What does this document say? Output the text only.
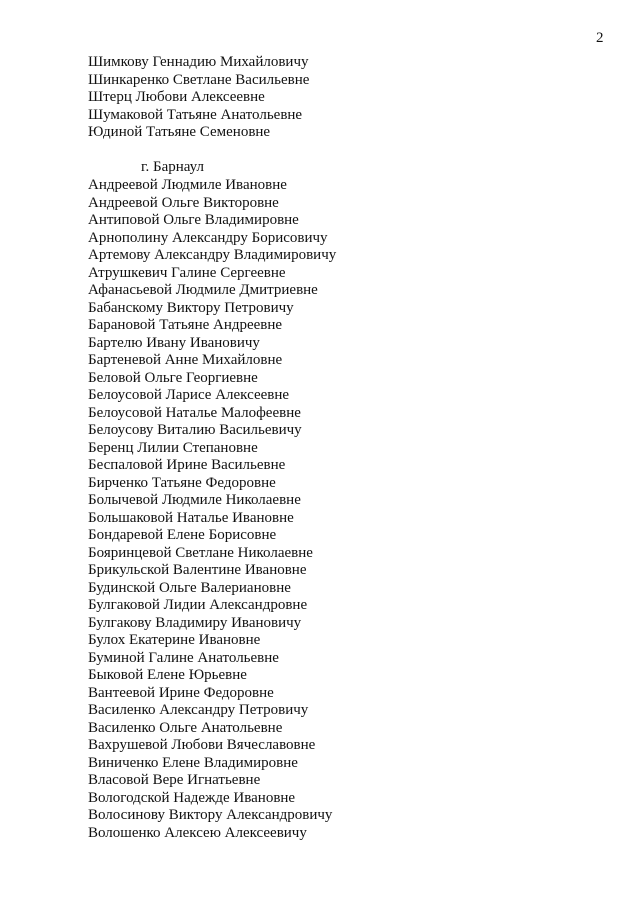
2
Шимкову Геннадию Михайловичу
Шинкаренко Светлане Васильевне
Штерц Любови Алексеевне
Шумаковой Татьяне Анатольевне
Юдиной Татьяне Семеновне
г. Барнаул
Андреевой Людмиле Ивановне
Андреевой Ольге Викторовне
Антиповой Ольге Владимировне
Арнополину Александру Борисовичу
Артемову Александру Владимировичу
Атрушкевич Галине Сергеевне
Афанасьевой Людмиле Дмитриевне
Бабанскому Виктору Петровичу
Барановой Татьяне Андреевне
Бартелю Ивану Ивановичу
Бартеневой Анне Михайловне
Беловой Ольге Георгиевне
Белоусовой Ларисе Алексеевне
Белоусовой Наталье Малофеевне
Белоусову Виталию Васильевичу
Беренц Лилии Степановне
Беспаловой Ирине Васильевне
Бирченко Татьяне Федоровне
Болычевой Людмиле Николаевне
Большаковой Наталье Ивановне
Бондаревой Елене Борисовне
Бояринцевой Светлане Николаевне
Брикульской Валентине Ивановне
Будинской Ольге Валериановне
Булгаковой Лидии Александровне
Булгакову Владимиру Ивановичу
Булох Екатерине Ивановне
Буминой Галине Анатольевне
Быковой Елене Юрьевне
Вантеевой Ирине Федоровне
Василенко Александру Петровичу
Василенко Ольге Анатольевне
Вахрушевой Любови Вячеславовне
Виниченко Елене Владимировне
Власовой Вере Игнатьевне
Вологодской Надежде Ивановне
Волосинову Виктору Александровичу
Волошенко Алексею Алексеевичу
